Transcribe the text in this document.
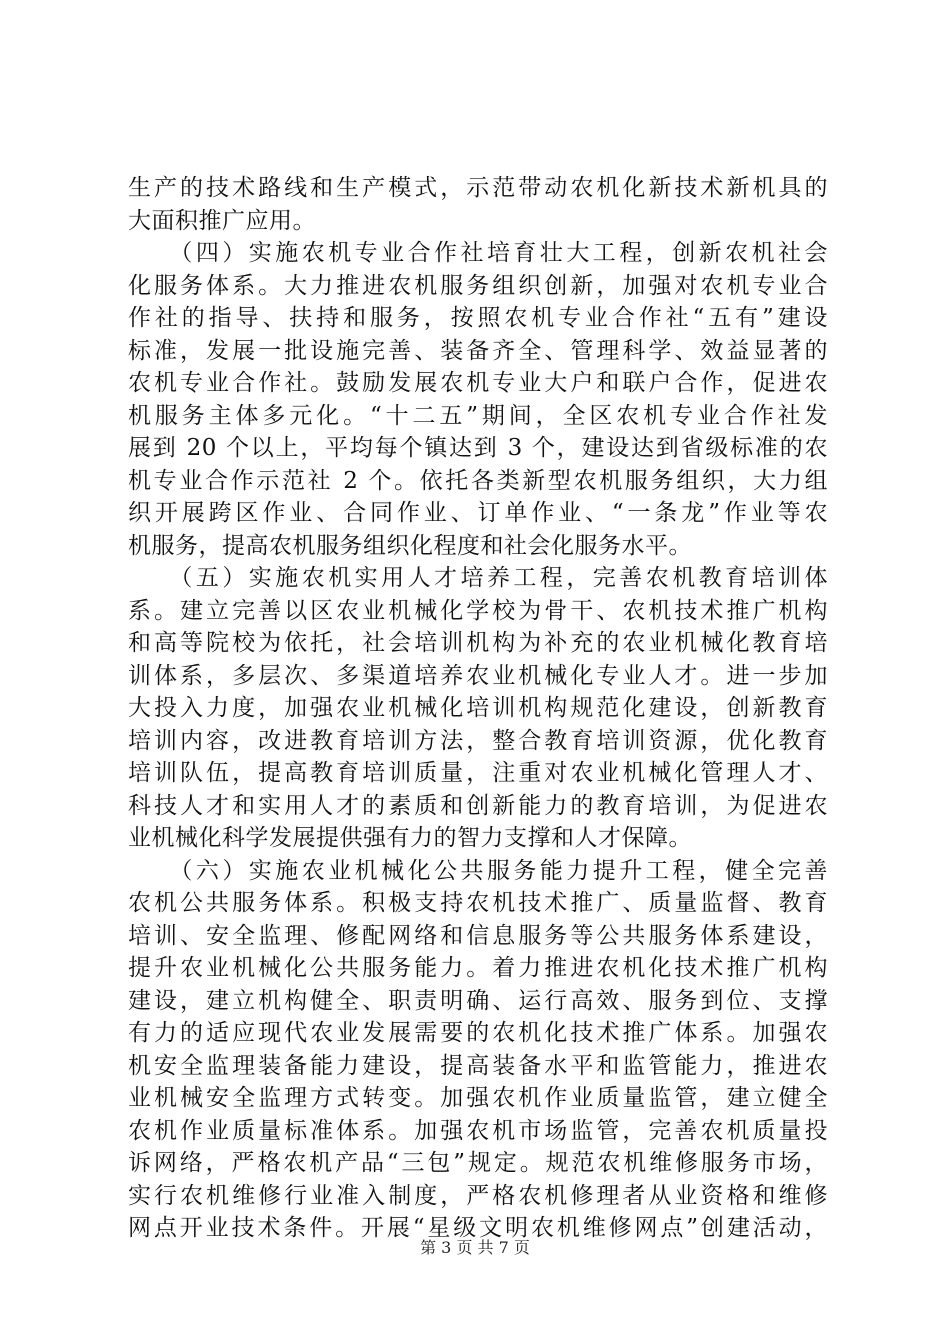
生产的技术路线和生产模式，示范带动农机化新技术新机具的
大面积推广应用。
　　（四）实施农机专业合作社培育壮大工程，创新农机社会
化服务体系。大力推进农机服务组织创新，加强对农机专业合
作社的指导、扶持和服务，按照农机专业合作社“五有”建设
标准，发展一批设施完善、装备齐全、管理科学、效益显著的
农机专业合作社。鼓励发展农机专业大户和联户合作，促进农
机服务主体多元化。“十二五”期间，全区农机专业合作社发
展到 20 个以上，平均每个镇达到 3 个，建设达到省级标准的农
机专业合作示范社 2 个。依托各类新型农机服务组织，大力组
织开展跨区作业、合同作业、订单作业、“一条龙”作业等农
机服务，提高农机服务组织化程度和社会化服务水平。
　　（五）实施农机实用人才培养工程，完善农机教育培训体
系。建立完善以区农业机械化学校为骨干、农机技术推广机构
和高等院校为依托，社会培训机构为补充的农业机械化教育培
训体系，多层次、多渠道培养农业机械化专业人才。进一步加
大投入力度，加强农业机械化培训机构规范化建设，创新教育
培训内容，改进教育培训方法，整合教育培训资源，优化教育
培训队伍，提高教育培训质量，注重对农业机械化管理人才、
科技人才和实用人才的素质和创新能力的教育培训，为促进农
业机械化科学发展提供强有力的智力支撑和人才保障。
　　（六）实施农业机械化公共服务能力提升工程，健全完善
农机公共服务体系。积极支持农机技术推广、质量监督、教育
培训、安全监理、修配网络和信息服务等公共服务体系建设，
提升农业机械化公共服务能力。着力推进农机化技术推广机构
建设，建立机构健全、职责明确、运行高效、服务到位、支撑
有力的适应现代农业发展需要的农机化技术推广体系。加强农
机安全监理装备能力建设，提高装备水平和监管能力，推进农
业机械安全监理方式转变。加强农机作业质量监管，建立健全
农机作业质量标准体系。加强农机市场监管，完善农机质量投
诉网络，严格农机产品“三包”规定。规范农机维修服务市场，
实行农机维修行业准入制度，严格农机修理者从业资格和维修
网点开业技术条件。开展“星级文明农机维修网点”创建活动，
第 3 页 共 7 页
